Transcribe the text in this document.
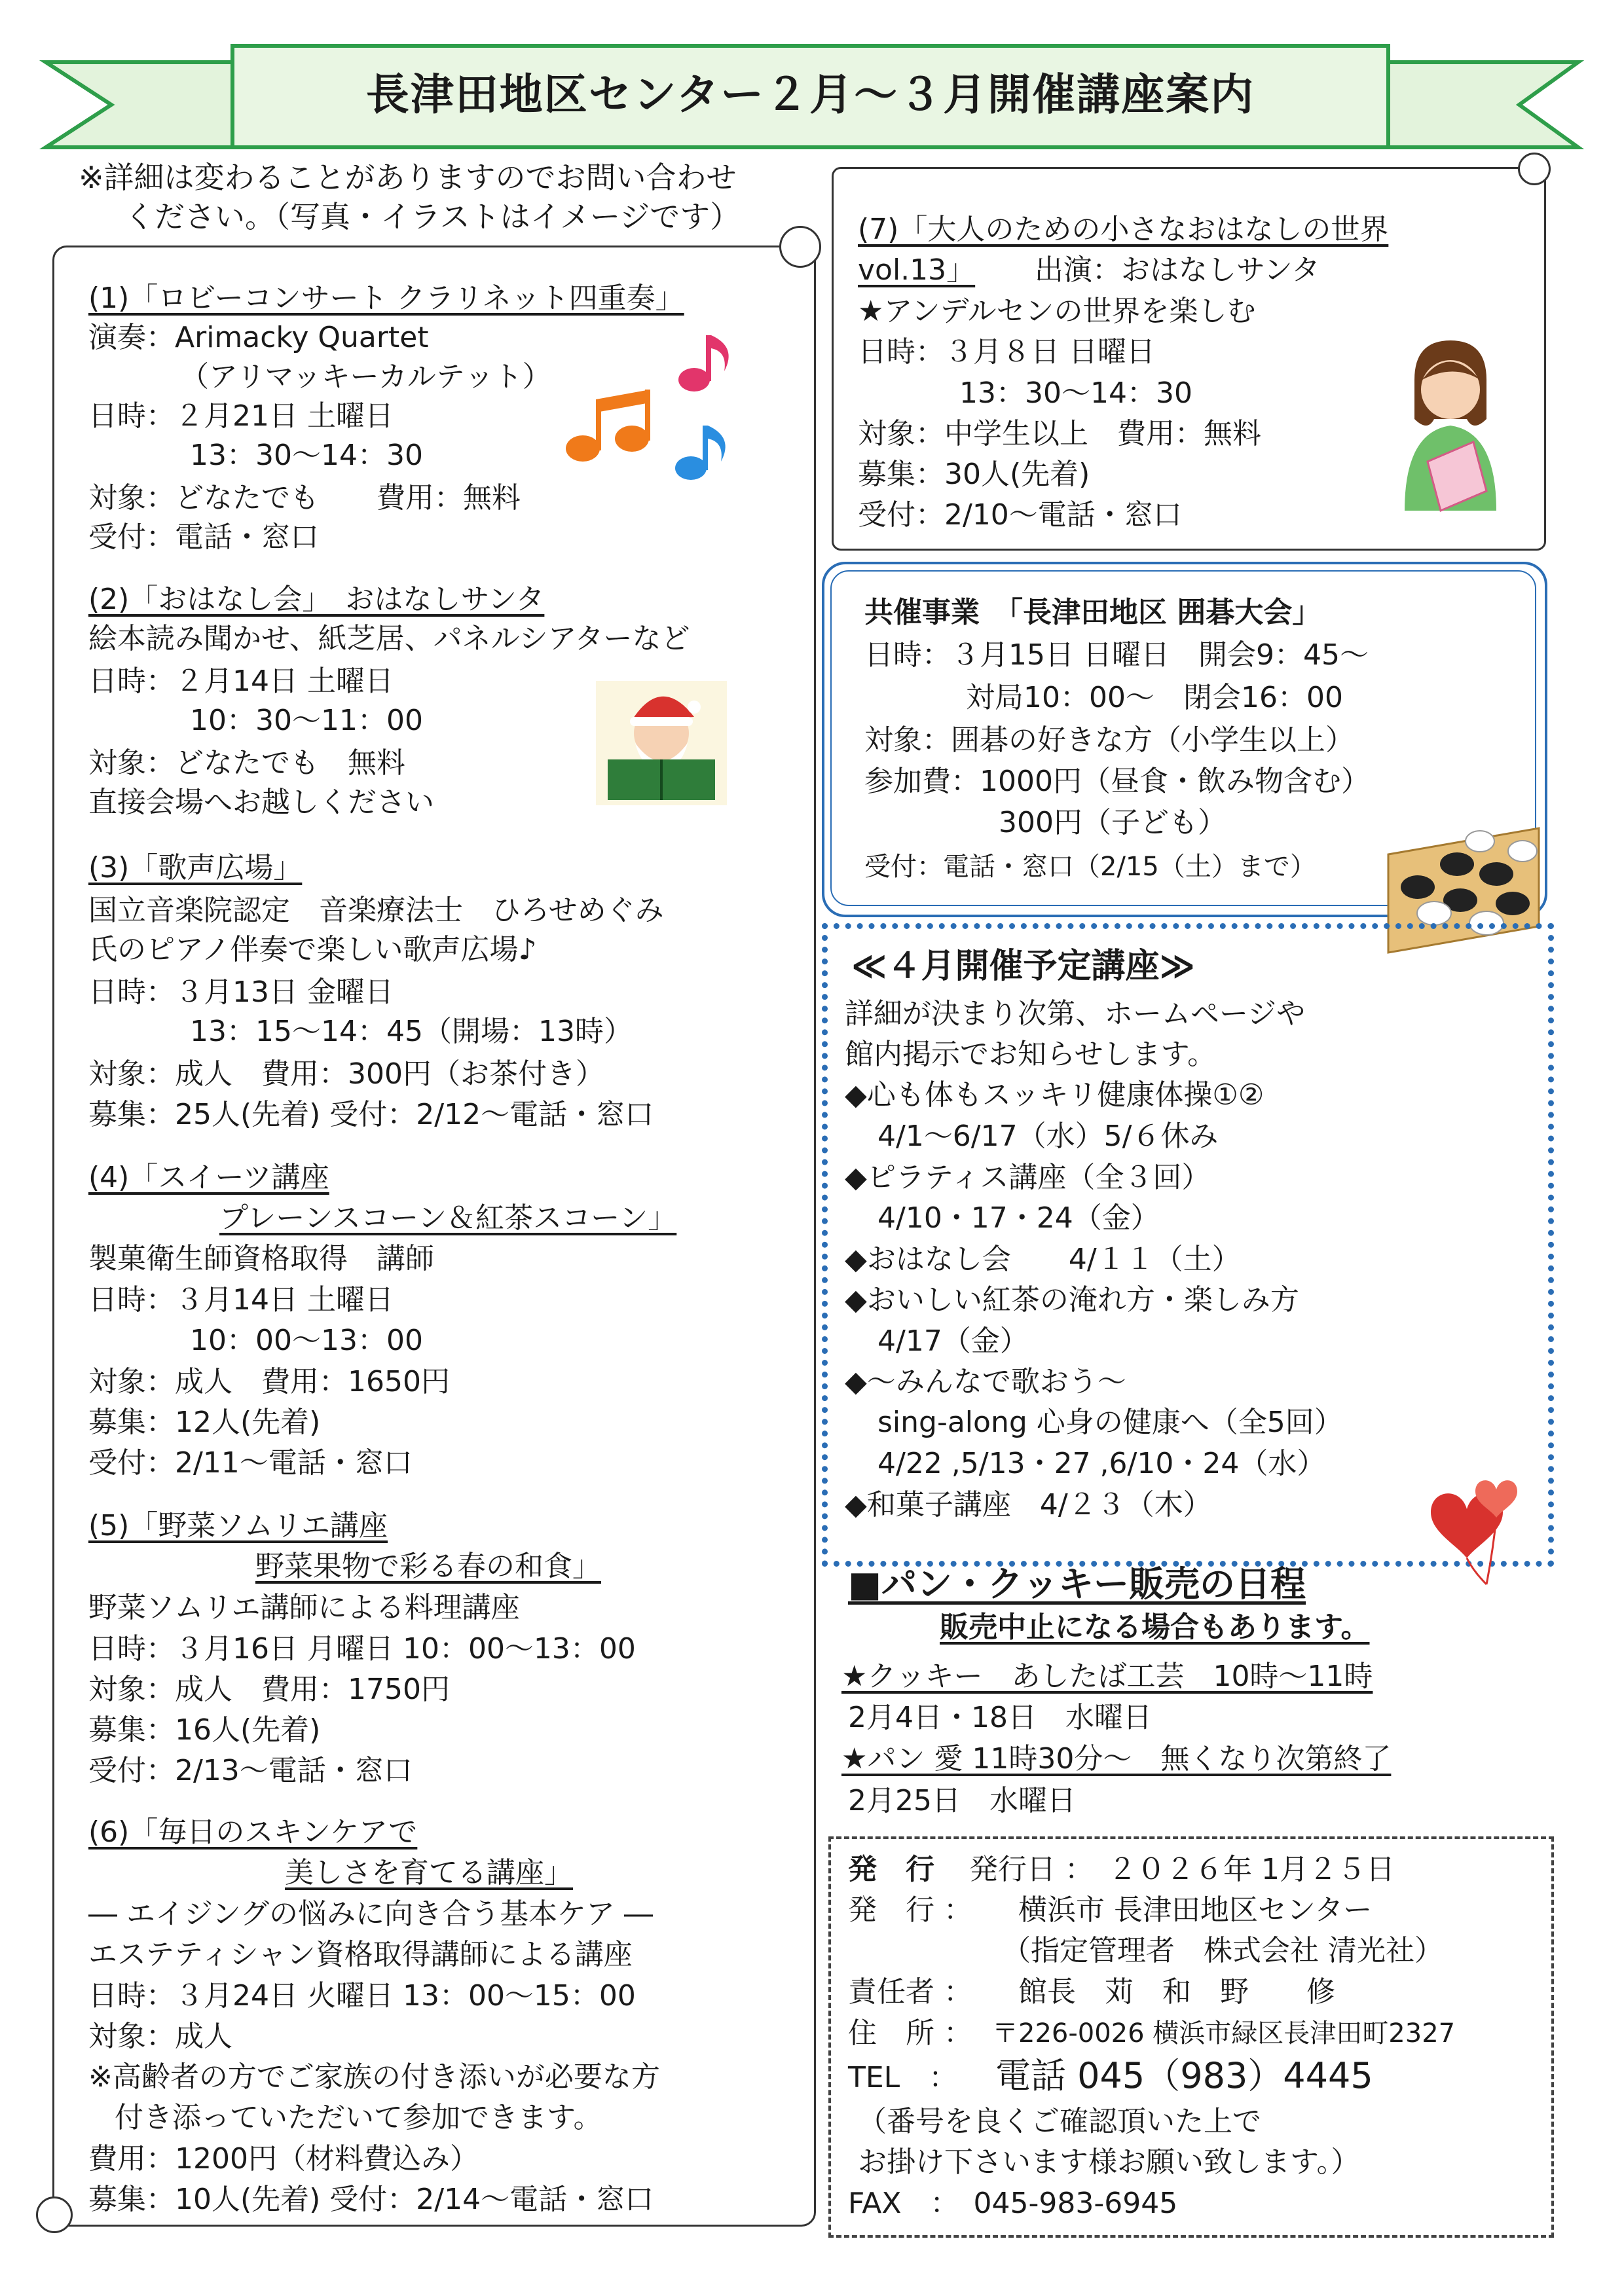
長津田地区センター２月～３月開催講座案内
※詳細は変わることがありますのでお問い合わせ
ください。（写真・イラストはイメージです）
(1)「ロビーコンサート クラリネット四重奏」
演奏：Arimacky Quartet
（アリマッキーカルテット）
日時：２月21日 土曜日
13：30～14：30
対象：どなたでも　　費用：無料
受付：電話・窓口
(2)「おはなし会」　おはなしサンタ
絵本読み聞かせ、紙芝居、パネルシアターなど
日時：２月14日 土曜日
10：30～11：00
対象：どなたでも　無料
直接会場へお越しください
(3)「歌声広場」
国立音楽院認定　音楽療法士　ひろせめぐみ
氏のピアノ伴奏で楽しい歌声広場♪
日時：３月13日 金曜日
13：15～14：45（開場：13時）
対象：成人　費用：300円（お茶付き）
募集：25人(先着) 受付：2/12～電話・窓口
(4)「スイーツ講座
プレーンスコーン＆紅茶スコーン」
製菓衛生師資格取得　講師
日時：３月14日 土曜日
10：00～13：00
対象：成人　費用：1650円
募集：12人(先着)
受付：2/11～電話・窓口
(5)「野菜ソムリエ講座
野菜果物で彩る春の和食」
野菜ソムリエ講師による料理講座
日時：３月16日 月曜日 10：00～13：00
対象：成人　費用：1750円
募集：16人(先着)
受付：2/13～電話・窓口
(6)「毎日のスキンケアで
美しさを育てる講座」
― エイジングの悩みに向き合う基本ケア ―
エステティシャン資格取得講師による講座
日時：３月24日 火曜日 13：00～15：00
対象：成人
※高齢者の方でご家族の付き添いが必要な方
付き添っていただいて参加できます。
費用：1200円（材料費込み）
募集：10人(先着) 受付：2/14～電話・窓口
(7)「大人のための小さなおはなしの世界
vol.13」 出演：おはなしサンタ
★アンデルセンの世界を楽しむ
日時：３月８日 日曜日
13：30～14：30
対象：中学生以上　費用：無料
募集：30人(先着)
受付：2/10～電話・窓口
共催事業　「長津田地区 囲碁大会」
日時：３月15日 日曜日　開会9：45～
対局10：00～　閉会16：00
対象：囲碁の好きな方（小学生以上）
参加費：1000円（昼食・飲み物含む）
300円（子ども）
受付：電話・窓口（2/15（土）まで）
≪４月開催予定講座≫
詳細が決まり次第、ホームページや
館内掲示でお知らせします。
◆心も体もスッキリ健康体操①②
4/1～6/17（水）5/６休み
◆ピラティス講座（全３回）
4/10・17・24（金）
◆おはなし会　　4/１１（土）
◆おいしい紅茶の淹れ方・楽しみ方
4/17（金）
◆～みんなで歌おう～
sing-along 心身の健康へ（全5回）
4/22 ,5/13・27 ,6/10・24（水）
◆和菓子講座　4/２３（木）
■パン・クッキー販売の日程
販売中止になる場合もあります。
★クッキー　あしたば工芸　10時～11時
2月4日・18日　水曜日
★パン 愛 11時30分～　無くなり次第終了
2月25日　水曜日
発　行 発行日 ：　２０２６年 1月２５日
発　行 ： 横浜市 長津田地区センター
（指定管理者　株式会社 清光社）
責任者 ： 館長　苅　和　野　　修
住　所 ： 〒226-0026 横浜市緑区長津田町2327
TEL　： 電話 045（983）4445
（番号を良くご確認頂いた上で
お掛け下さいます様お願い致します。）
FAX　：　045-983-6945
